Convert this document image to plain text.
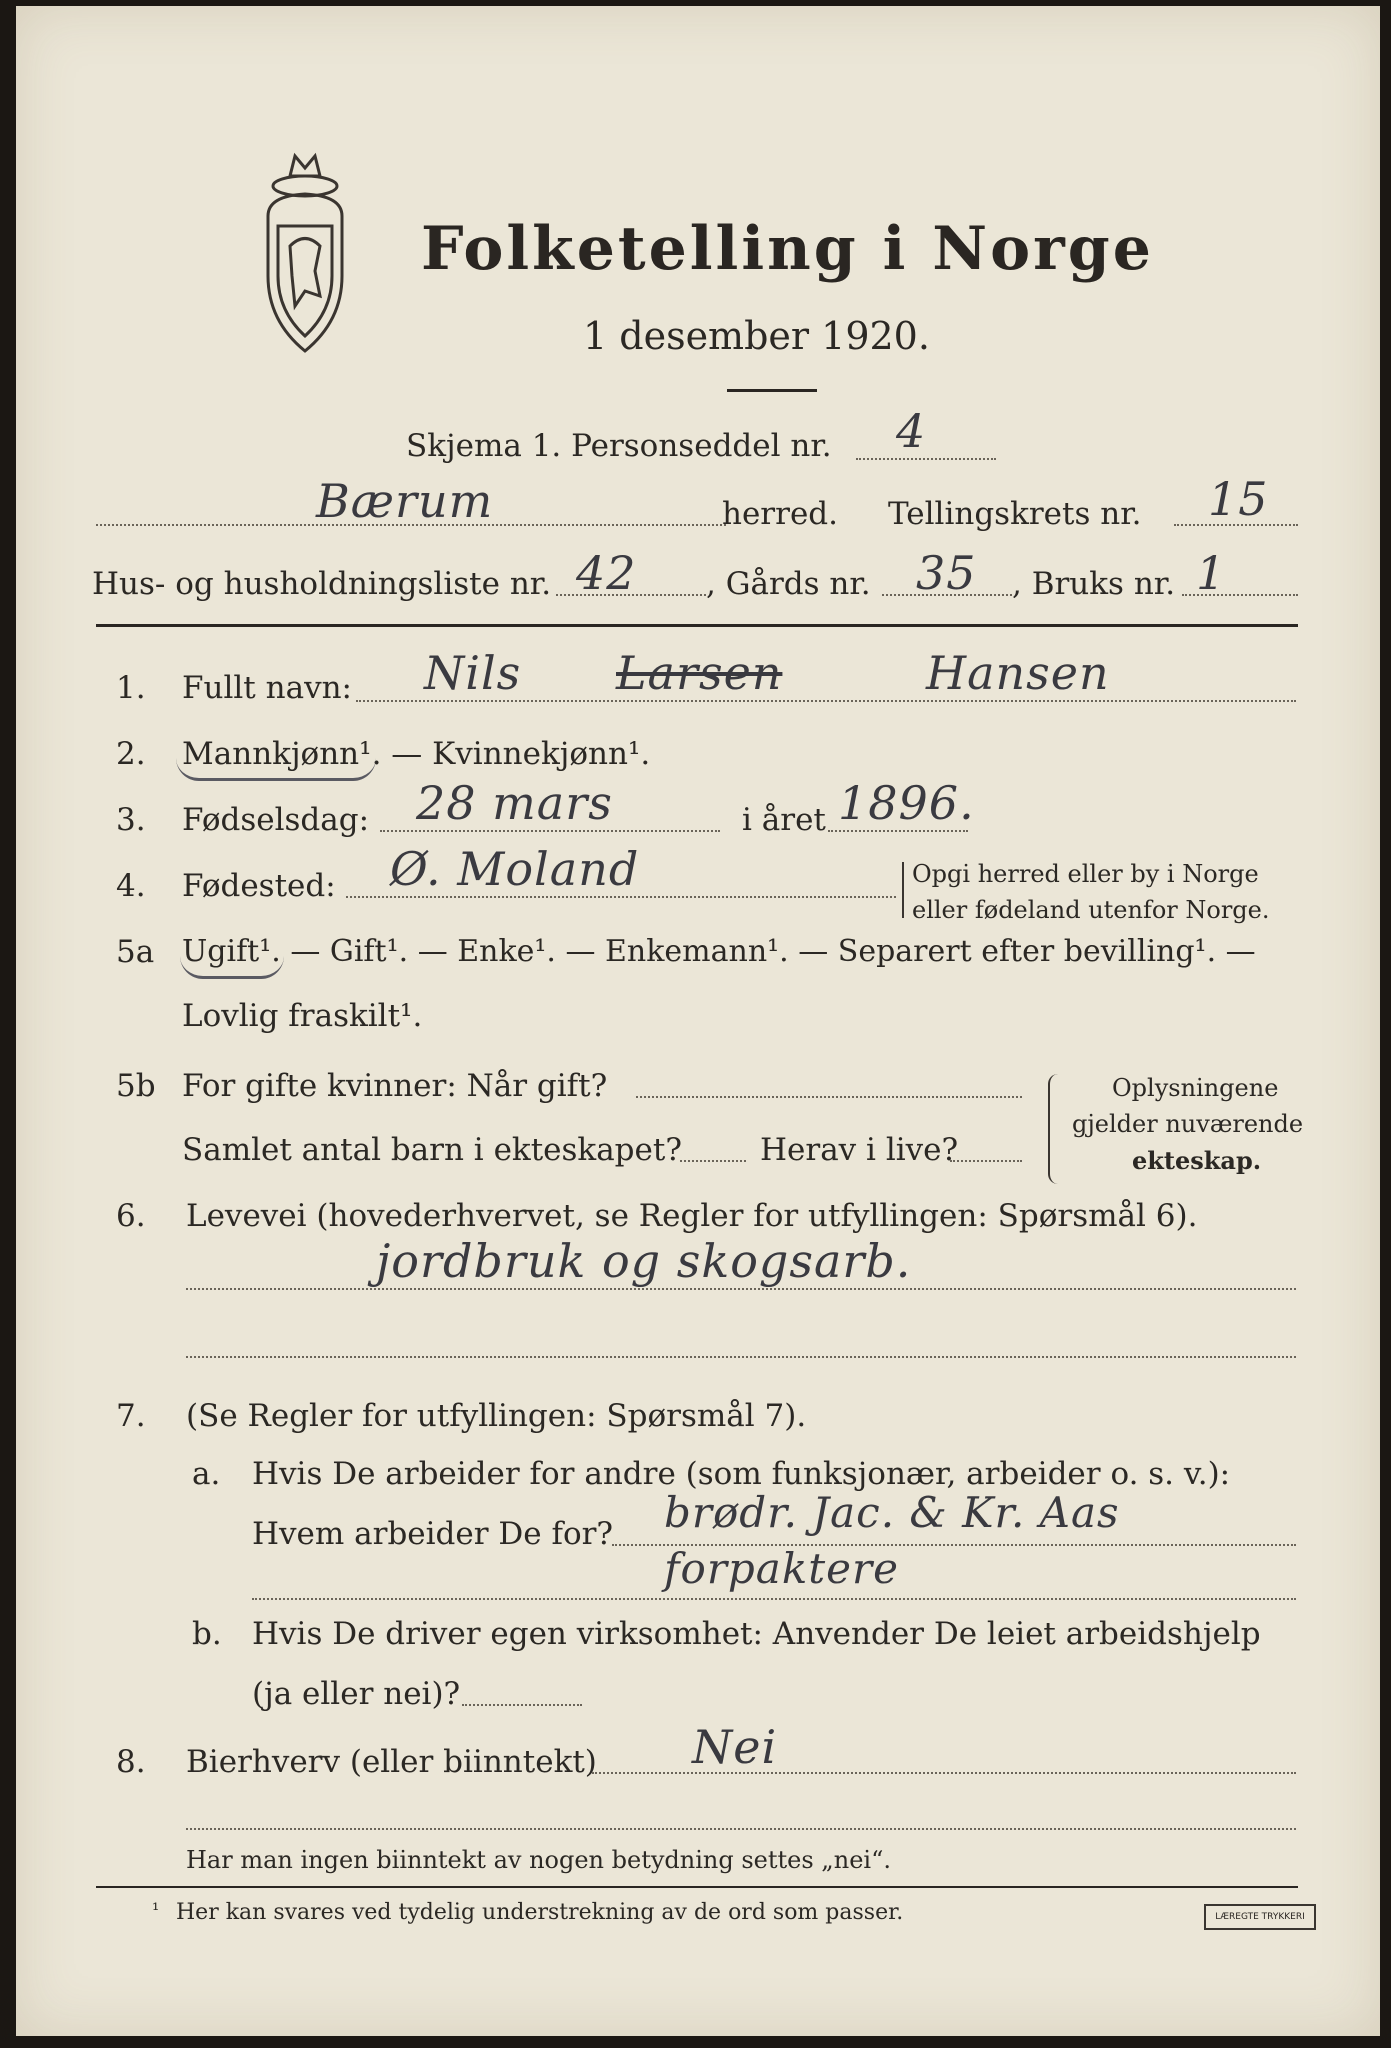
Folketelling i Norge
1 desember 1920.
Skjema 1. Personseddel nr. 4
Bærum	herred. Tellingskrets nr. 15
Hus- og husholdningsliste nr. 42 , Gårds nr. 35 , Bruks nr. 1
1. Fullt navn: Nils Larsen	Hansen
2. Mannkjønn¹. — Kvinnekjønn¹.
3. Fødselsdag: 28 mars	i året 1896.
4. Fødested: Ø. Moland	Opgi herred eller by i Norge
eller fødeland utenfor Norge.
5a Ugift¹. — Gift¹. — Enke¹. — Enkemann¹. — Separert efter bevilling¹. —
Lovlig fraskilt¹.
5b For gifte kvinner: Når gift?
Samlet antal barn i ekteskapet?	Herav i live?
Oplysningene
gjelder nuværende
ekteskap.
6. Levevei (hovederhvervet, se Regler for utfyllingen: Spørsmål 6).
jordbruk og skogsarb.
7. (Se Regler for utfyllingen: Spørsmål 7).
a. Hvis De arbeider for andre (som funksjonær, arbeider o. s. v.):
Hvem arbeider De for? brødr. Jac. & Kr. Aas
forpaktere
b. Hvis De driver egen virksomhet: Anvender De leiet arbeidshjelp
(ja eller nei)?
8. Bierhverv (eller biinntekt) Nei
Har man ingen biinntekt av nogen betydning settes „nei“.
¹ Her kan svares ved tydelig understrekning av de ord som passer.	LÆREGTE TRYKKERI
